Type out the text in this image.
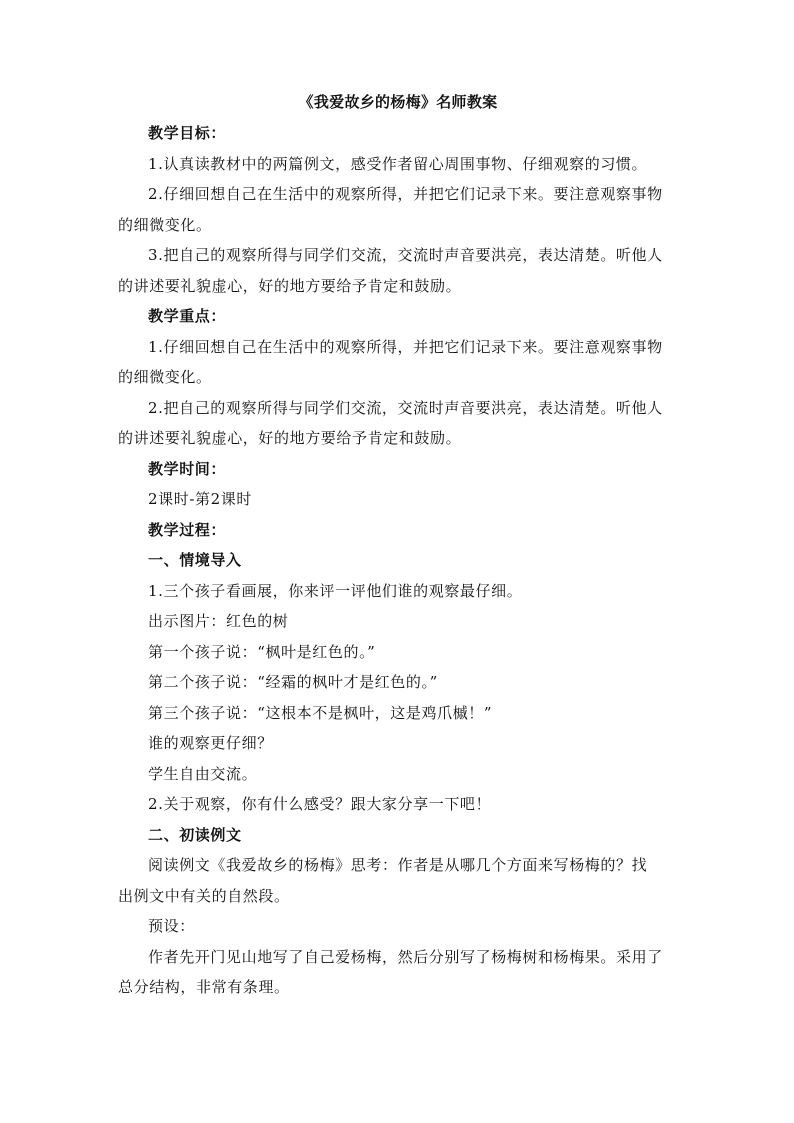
《我爱故乡的杨梅》名师教案

教学目标：

1.认真读教材中的两篇例文，感受作者留心周围事物、仔细观察的习惯。

2.仔细回想自己在生活中的观察所得，并把它们记录下来。要注意观察事物

的细微变化。

3.把自己的观察所得与同学们交流，交流时声音要洪亮，表达清楚。听他人

的讲述要礼貌虚心，好的地方要给予肯定和鼓励。

教学重点：

1.仔细回想自己在生活中的观察所得，并把它们记录下来。要注意观察事物

的细微变化。

2.把自己的观察所得与同学们交流，交流时声音要洪亮，表达清楚。听他人

的讲述要礼貌虚心，好的地方要给予肯定和鼓励。

教学时间：

2课时-第2课时

教学过程：

一、情境导入

1.三个孩子看画展，你来评一评他们谁的观察最仔细。

出示图片：红色的树

第一个孩子说：“枫叶是红色的。”

第二个孩子说：“经霜的枫叶才是红色的。”

第三个孩子说：“这根本不是枫叶，这是鸡爪槭！”

谁的观察更仔细？

学生自由交流。

2.关于观察，你有什么感受？跟大家分享一下吧！

二、初读例文

阅读例文《我爱故乡的杨梅》思考：作者是从哪几个方面来写杨梅的？找

出例文中有关的自然段。

预设：

作者先开门见山地写了自己爱杨梅，然后分别写了杨梅树和杨梅果。采用了

总分结构，非常有条理。
